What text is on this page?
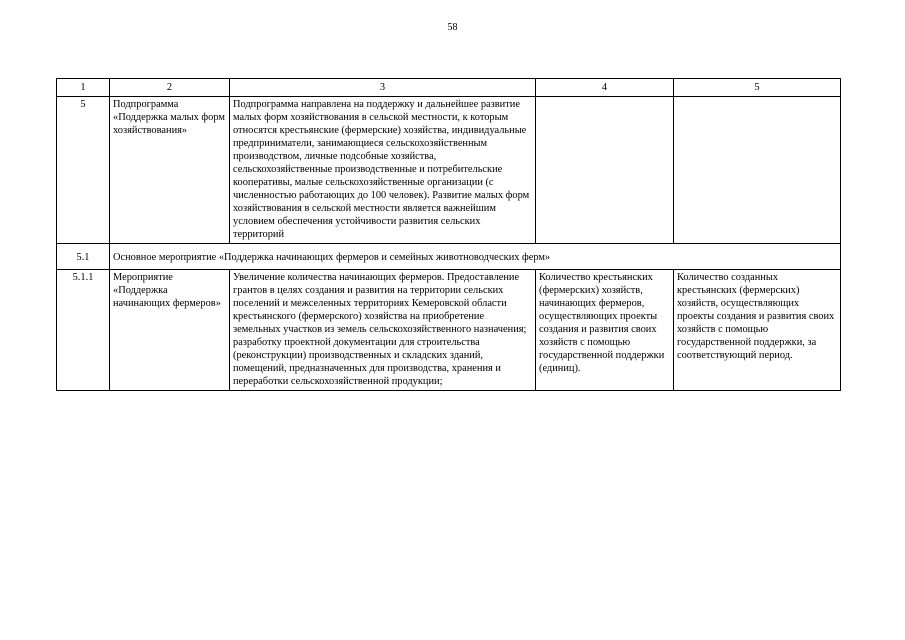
58
1	2	3	4	5
5	Подпрограмма «Поддержка малых форм хозяйствования»	Подпрограмма направлена на поддержку и дальнейшее развитие малых форм хозяйствования в сельской местности, к которым относятся крестьянские (фермерские) хозяйства, индивидуальные предприниматели, занимающиеся сельскохозяйственным производством, личные подсобные хозяйства, сельскохозяйственные производственные и потребительские кооперативы, малые сельскохозяйственные организации (с численностью работающих до 100 человек). Развитие малых форм хозяйствования в сельской местности является важнейшим условием обеспечения устойчивости развития сельских территорий		
5.1	Основное мероприятие «Поддержка начинающих фермеров и семейных животноводческих ферм»			
5.1.1	Мероприятие «Поддержка начинающих фермеров»	Увеличение количества начинающих фермеров. Предоставление грантов в целях создания и развития на территории сельских поселений и межселенных территориях Кемеровской области крестьянского (фермерского) хозяйства на приобретение земельных участков из земель сельскохозяйственного назначения; разработку проектной документации для строительства (реконструкции) производственных и складских зданий, помещений, предназначенных для производства, хранения и переработки сельскохозяйственной продукции;	Количество крестьянских (фермерских) хозяйств, начинающих фермеров, осуществляющих проекты создания и развития своих хозяйств с помощью государственной поддержки (единиц).	Количество созданных крестьянских (фермерских) хозяйств, осуществляющих проекты создания и развития своих хозяйств с помощью государственной поддержки, за соответствующий период.
